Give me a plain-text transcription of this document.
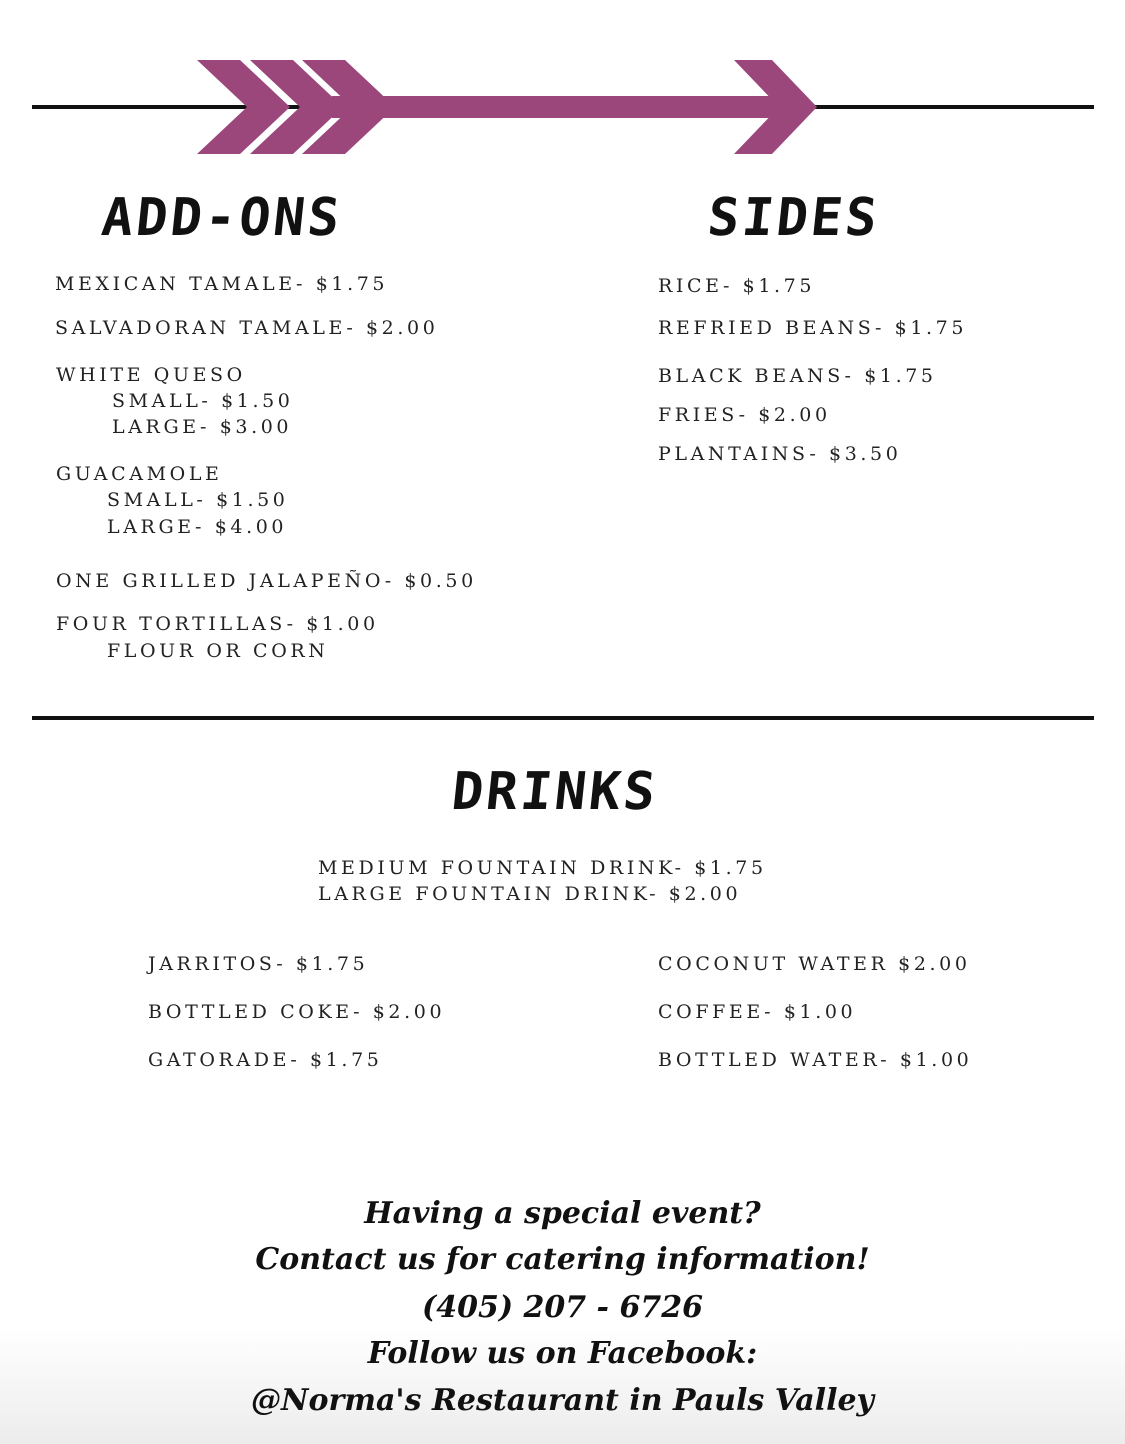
ADD-ONS
MEXICAN TAMALE- $1.75
SALVADORAN TAMALE- $2.00
WHITE QUESO
SMALL- $1.50
LARGE- $3.00
GUACAMOLE
SMALL- $1.50
LARGE- $4.00
ONE GRILLED JALAPEÑO- $0.50
FOUR TORTILLAS- $1.00
FLOUR OR CORN
SIDES
RICE- $1.75
REFRIED BEANS- $1.75
BLACK BEANS- $1.75
FRIES- $2.00
PLANTAINS- $3.50
DRINKS
MEDIUM FOUNTAIN DRINK- $1.75
LARGE FOUNTAIN DRINK- $2.00
JARRITOS- $1.75
BOTTLED COKE- $2.00
GATORADE- $1.75
COCONUT WATER $2.00
COFFEE- $1.00
BOTTLED WATER- $1.00
Having a special event?
Contact us for catering information!
(405) 207 - 6726
Follow us on Facebook:
@Norma's Restaurant in Pauls Valley
